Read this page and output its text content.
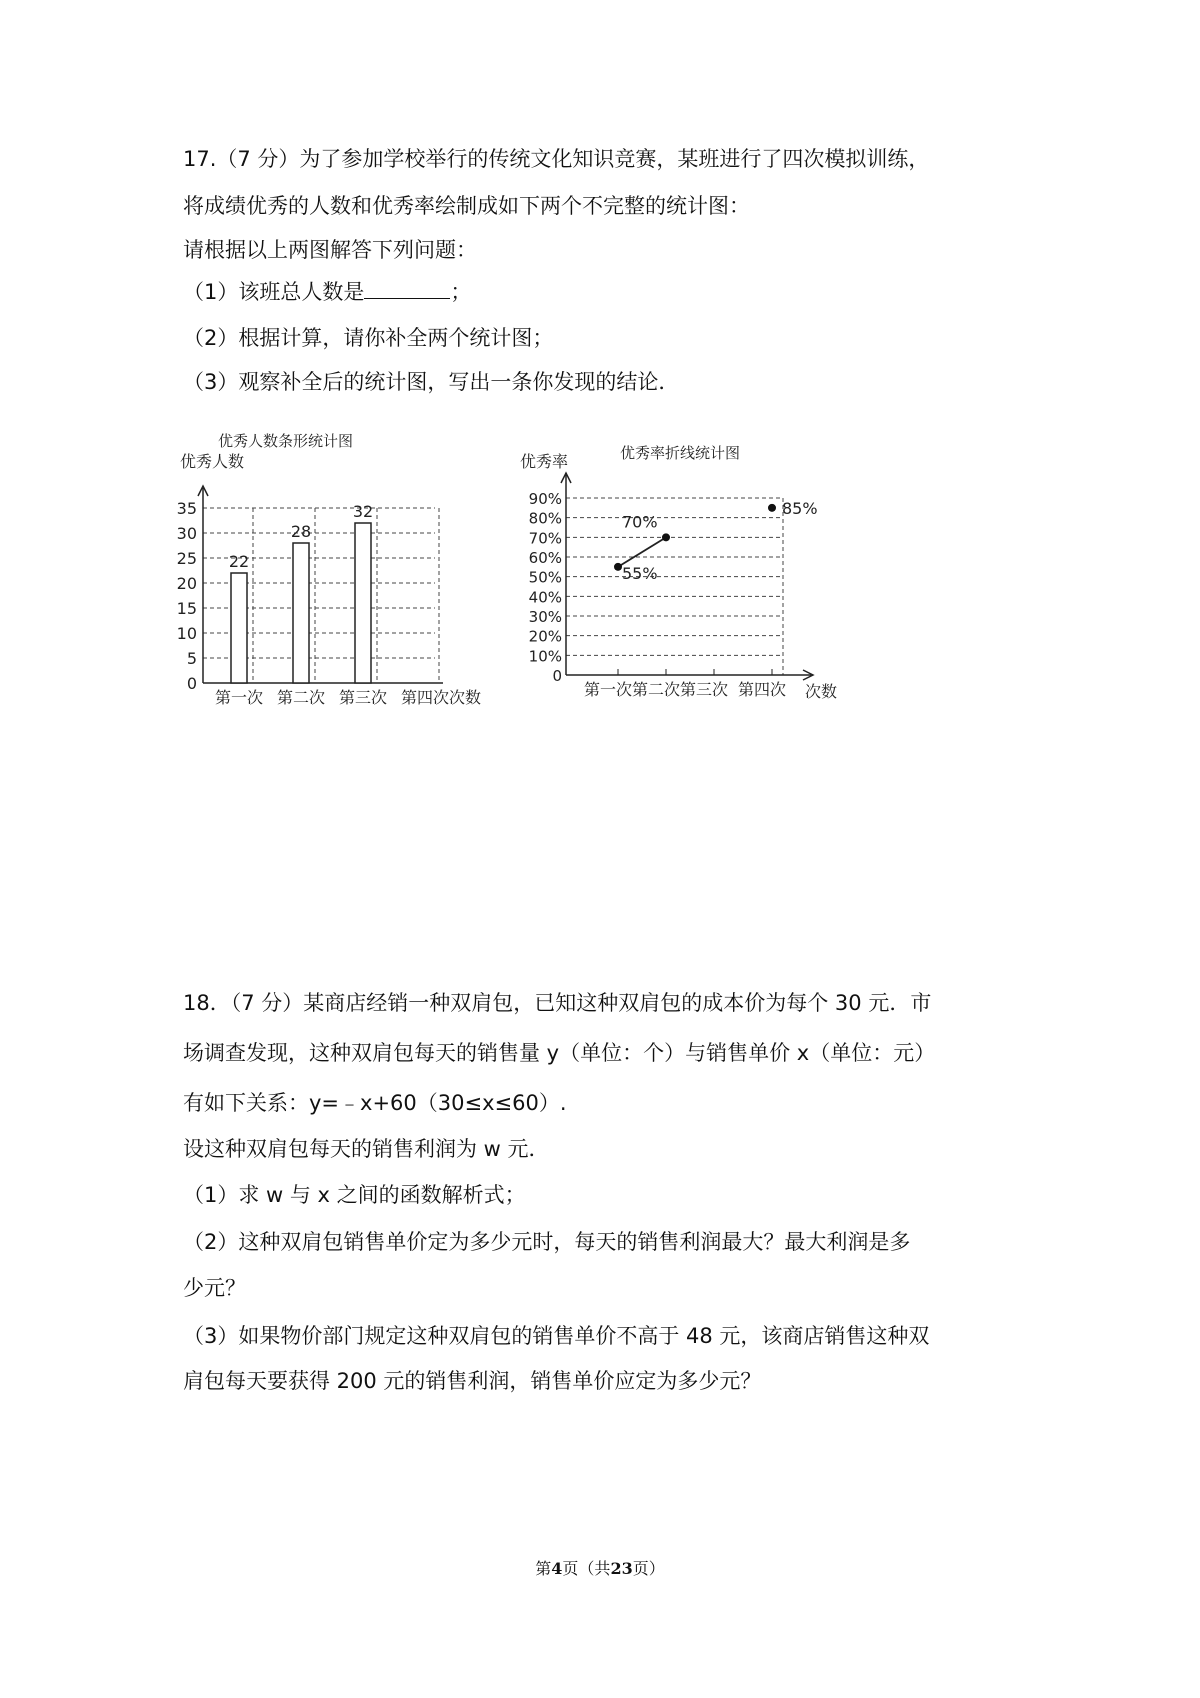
17.（7 分）为了参加学校举行的传统文化知识竞赛，某班进行了四次模拟训练，
将成绩优秀的人数和优秀率绘制成如下两个不完整的统计图：
请根据以上两图解答下列问题：
（1）该班总人数是	；
（2）根据计算，请你补全两个统计图；
（3）观察补全后的统计图，写出一条你发现的结论．
优秀人数条形统计图
优秀人数
0
5
10
15
20
25
30
35
22
第一次
28
第二次
32
第三次 第四次 次数
优秀率折线统计图
优秀率
0
10%
20%
30%
40%
50%
60%
70%
80%
90%
第一次 第二次 第三次 第四次 次数
55%
70%
85%
18．（7 分）某商店经销一种双肩包，已知这种双肩包的成本价为每个 30 元．市
场调查发现，这种双肩包每天的销售量 y（单位：个）与销售单价 x（单位：元）
有如下关系：y=﹣x+60（30≤x≤60）.
设这种双肩包每天的销售利润为 w 元．
（1）求 w 与 x 之间的函数解析式；
（2）这种双肩包销售单价定为多少元时，每天的销售利润最大？最大利润是多
少元？
（3）如果物价部门规定这种双肩包的销售单价不高于 48 元，该商店销售这种双
肩包每天要获得 200 元的销售利润，销售单价应定为多少元？
第4页（共23页）
